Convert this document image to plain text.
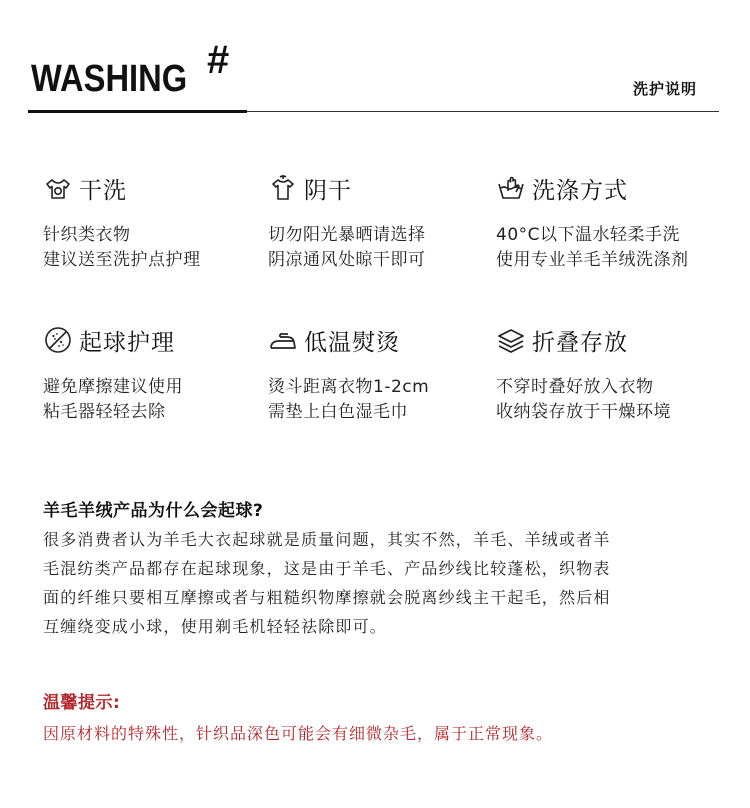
WASHING #
洗护说明
干洗
针织类衣物
建议送至洗护点护理
阴干
切勿阳光暴晒请选择
阴凉通风处晾干即可
洗涤方式
40°C以下温水轻柔手洗
使用专业羊毛羊绒洗涤剂
起球护理
避免摩擦建议使用
粘毛器轻轻去除
低温熨烫
烫斗距离衣物1-2cm
需垫上白色湿毛巾
折叠存放
不穿时叠好放入衣物
收纳袋存放于干燥环境
羊毛羊绒产品为什么会起球?
很多消费者认为羊毛大衣起球就是质量问题，其实不然，羊毛、羊绒或者羊
毛混纺类产品都存在起球现象，这是由于羊毛、产品纱线比较蓬松，织物表
面的纤维只要相互摩擦或者与粗糙织物摩擦就会脱离纱线主干起毛，然后相
互缠绕变成小球，使用剃毛机轻轻祛除即可。
温馨提示:
因原材料的特殊性，针织品深色可能会有细微杂毛，属于正常现象。
